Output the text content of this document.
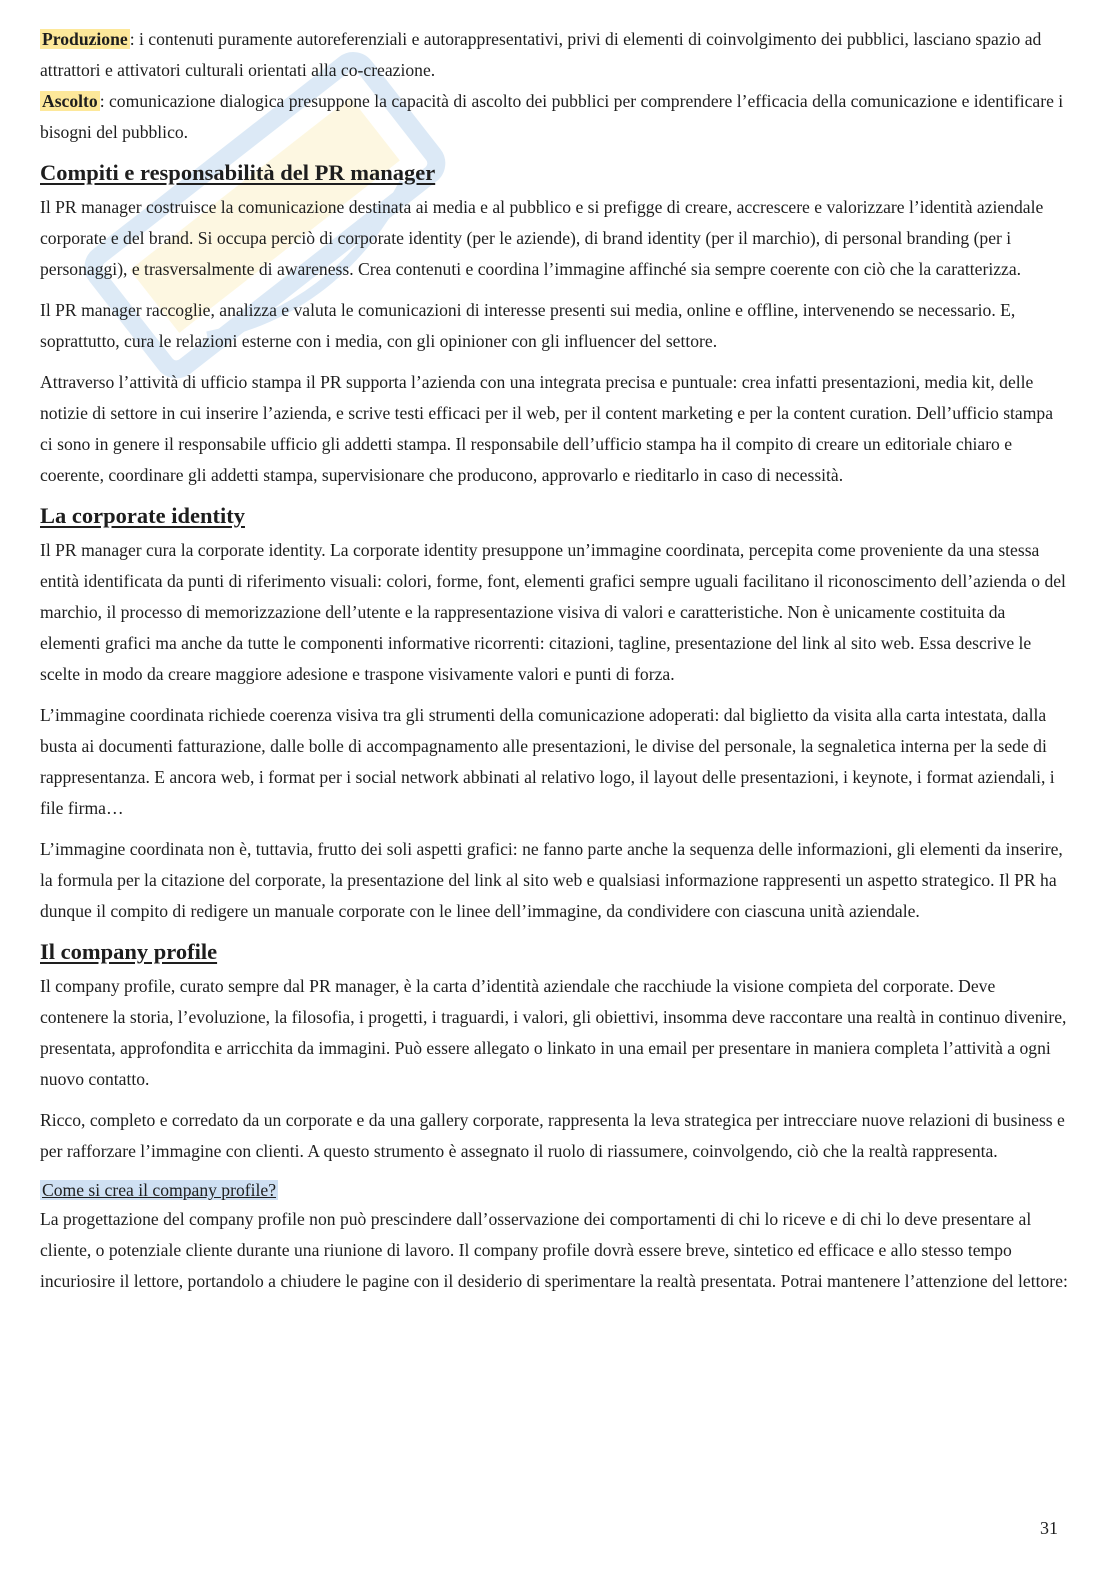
Produzione : i contenuti puramente autoreferenziali e autorappresentativi, privi di elementi di coinvolgimento dei pubblici, lasciano spazio ad attrattori e attivatori culturali orientati alla co-creazione.

Ascolto : comunicazione dialogica presuppone la capacità di ascolto dei pubblici per comprendere l’efficacia della comunicazione e identificare i bisogni del pubblico.

Compiti e responsabilità del PR manager

Il PR manager costruisce la comunicazione destinata ai media e al pubblico e si prefigge di creare, accrescere e valorizzare l’identità aziendale corporate e del brand. Si occupa perciò di corporate identity (per le aziende), di brand identity (per il marchio), di personal branding (per i personaggi), e trasversalmente di awareness. Crea contenuti e coordina l’immagine affinché sia sempre coerente con ciò che la caratterizza.

Il PR manager raccoglie, analizza e valuta le comunicazioni di interesse presenti sui media, online e offline, intervenendo se necessario. E, soprattutto, cura le relazioni esterne con i media, con gli opinioner con gli influencer del settore.

Attraverso l’attività di ufficio stampa il PR supporta l’azienda con una integrata precisa e puntuale: crea infatti presentazioni, media kit, delle notizie di settore in cui inserire l’azienda, e scrive testi efficaci per il web, per il content marketing e per la content curation. Dell’ufficio stampa ci sono in genere il responsabile ufficio gli addetti stampa. Il responsabile dell’ufficio stampa ha il compito di creare un editoriale chiaro e coerente, coordinare gli addetti stampa, supervisionare che producono, approvarlo e rieditarlo in caso di necessità.

La corporate identity

Il PR manager cura la corporate identity. La corporate identity presuppone un’immagine coordinata, percepita come proveniente da una stessa entità identificata da punti di riferimento visuali: colori, forme, font, elementi grafici sempre uguali facilitano il riconoscimento dell’azienda o del marchio, il processo di memorizzazione dell’utente e la rappresentazione visiva di valori e caratteristiche. Non è unicamente costituita da elementi grafici ma anche da tutte le componenti informative ricorrenti: citazioni, tagline, presentazione del link al sito web. Essa descrive le scelte in modo da creare maggiore adesione e traspone visivamente valori e punti di forza.

L’immagine coordinata richiede coerenza visiva tra gli strumenti della comunicazione adoperati: dal biglietto da visita alla carta intestata, dalla busta ai documenti fatturazione, dalle bolle di accompagnamento alle presentazioni, le divise del personale, la segnaletica interna per la sede di rappresentanza. E ancora web, i format per i social network abbinati al relativo logo, il layout delle presentazioni, i keynote, i format aziendali, i file firma…

L’immagine coordinata non è, tuttavia, frutto dei soli aspetti grafici: ne fanno parte anche la sequenza delle informazioni, gli elementi da inserire, la formula per la citazione del corporate, la presentazione del link al sito web e qualsiasi informazione rappresenti un aspetto strategico. Il PR ha dunque il compito di redigere un manuale corporate con le linee dell’immagine, da condividere con ciascuna unità aziendale.

Il company profile

Il company profile, curato sempre dal PR manager, è la carta d’identità aziendale che racchiude la visione compieta del corporate. Deve contenere la storia, l’evoluzione, la filosofia, i progetti, i traguardi, i valori, gli obiettivi, insomma deve raccontare una realtà in continuo divenire, presentata, approfondita e arricchita da immagini. Può essere allegato o linkato in una email per presentare in maniera completa l’attività a ogni nuovo contatto.

Ricco, completo e corredato da un corporate e da una gallery corporate, rappresenta la leva strategica per intrecciare nuove relazioni di business e per rafforzare l’immagine con clienti. A questo strumento è assegnato il ruolo di riassumere, coinvolgendo, ciò che la realtà rappresenta.

Come si crea il company profile?

La progettazione del company profile non può prescindere dall’osservazione dei comportamenti di chi lo riceve e di chi lo deve presentare al cliente, o potenziale cliente durante una riunione di lavoro. Il company profile dovrà essere breve, sintetico ed efficace e allo stesso tempo incuriosire il lettore, portandolo a chiudere le pagine con il desiderio di sperimentare la realtà presentata. Potrai mantenere l’attenzione del lettore:

31
